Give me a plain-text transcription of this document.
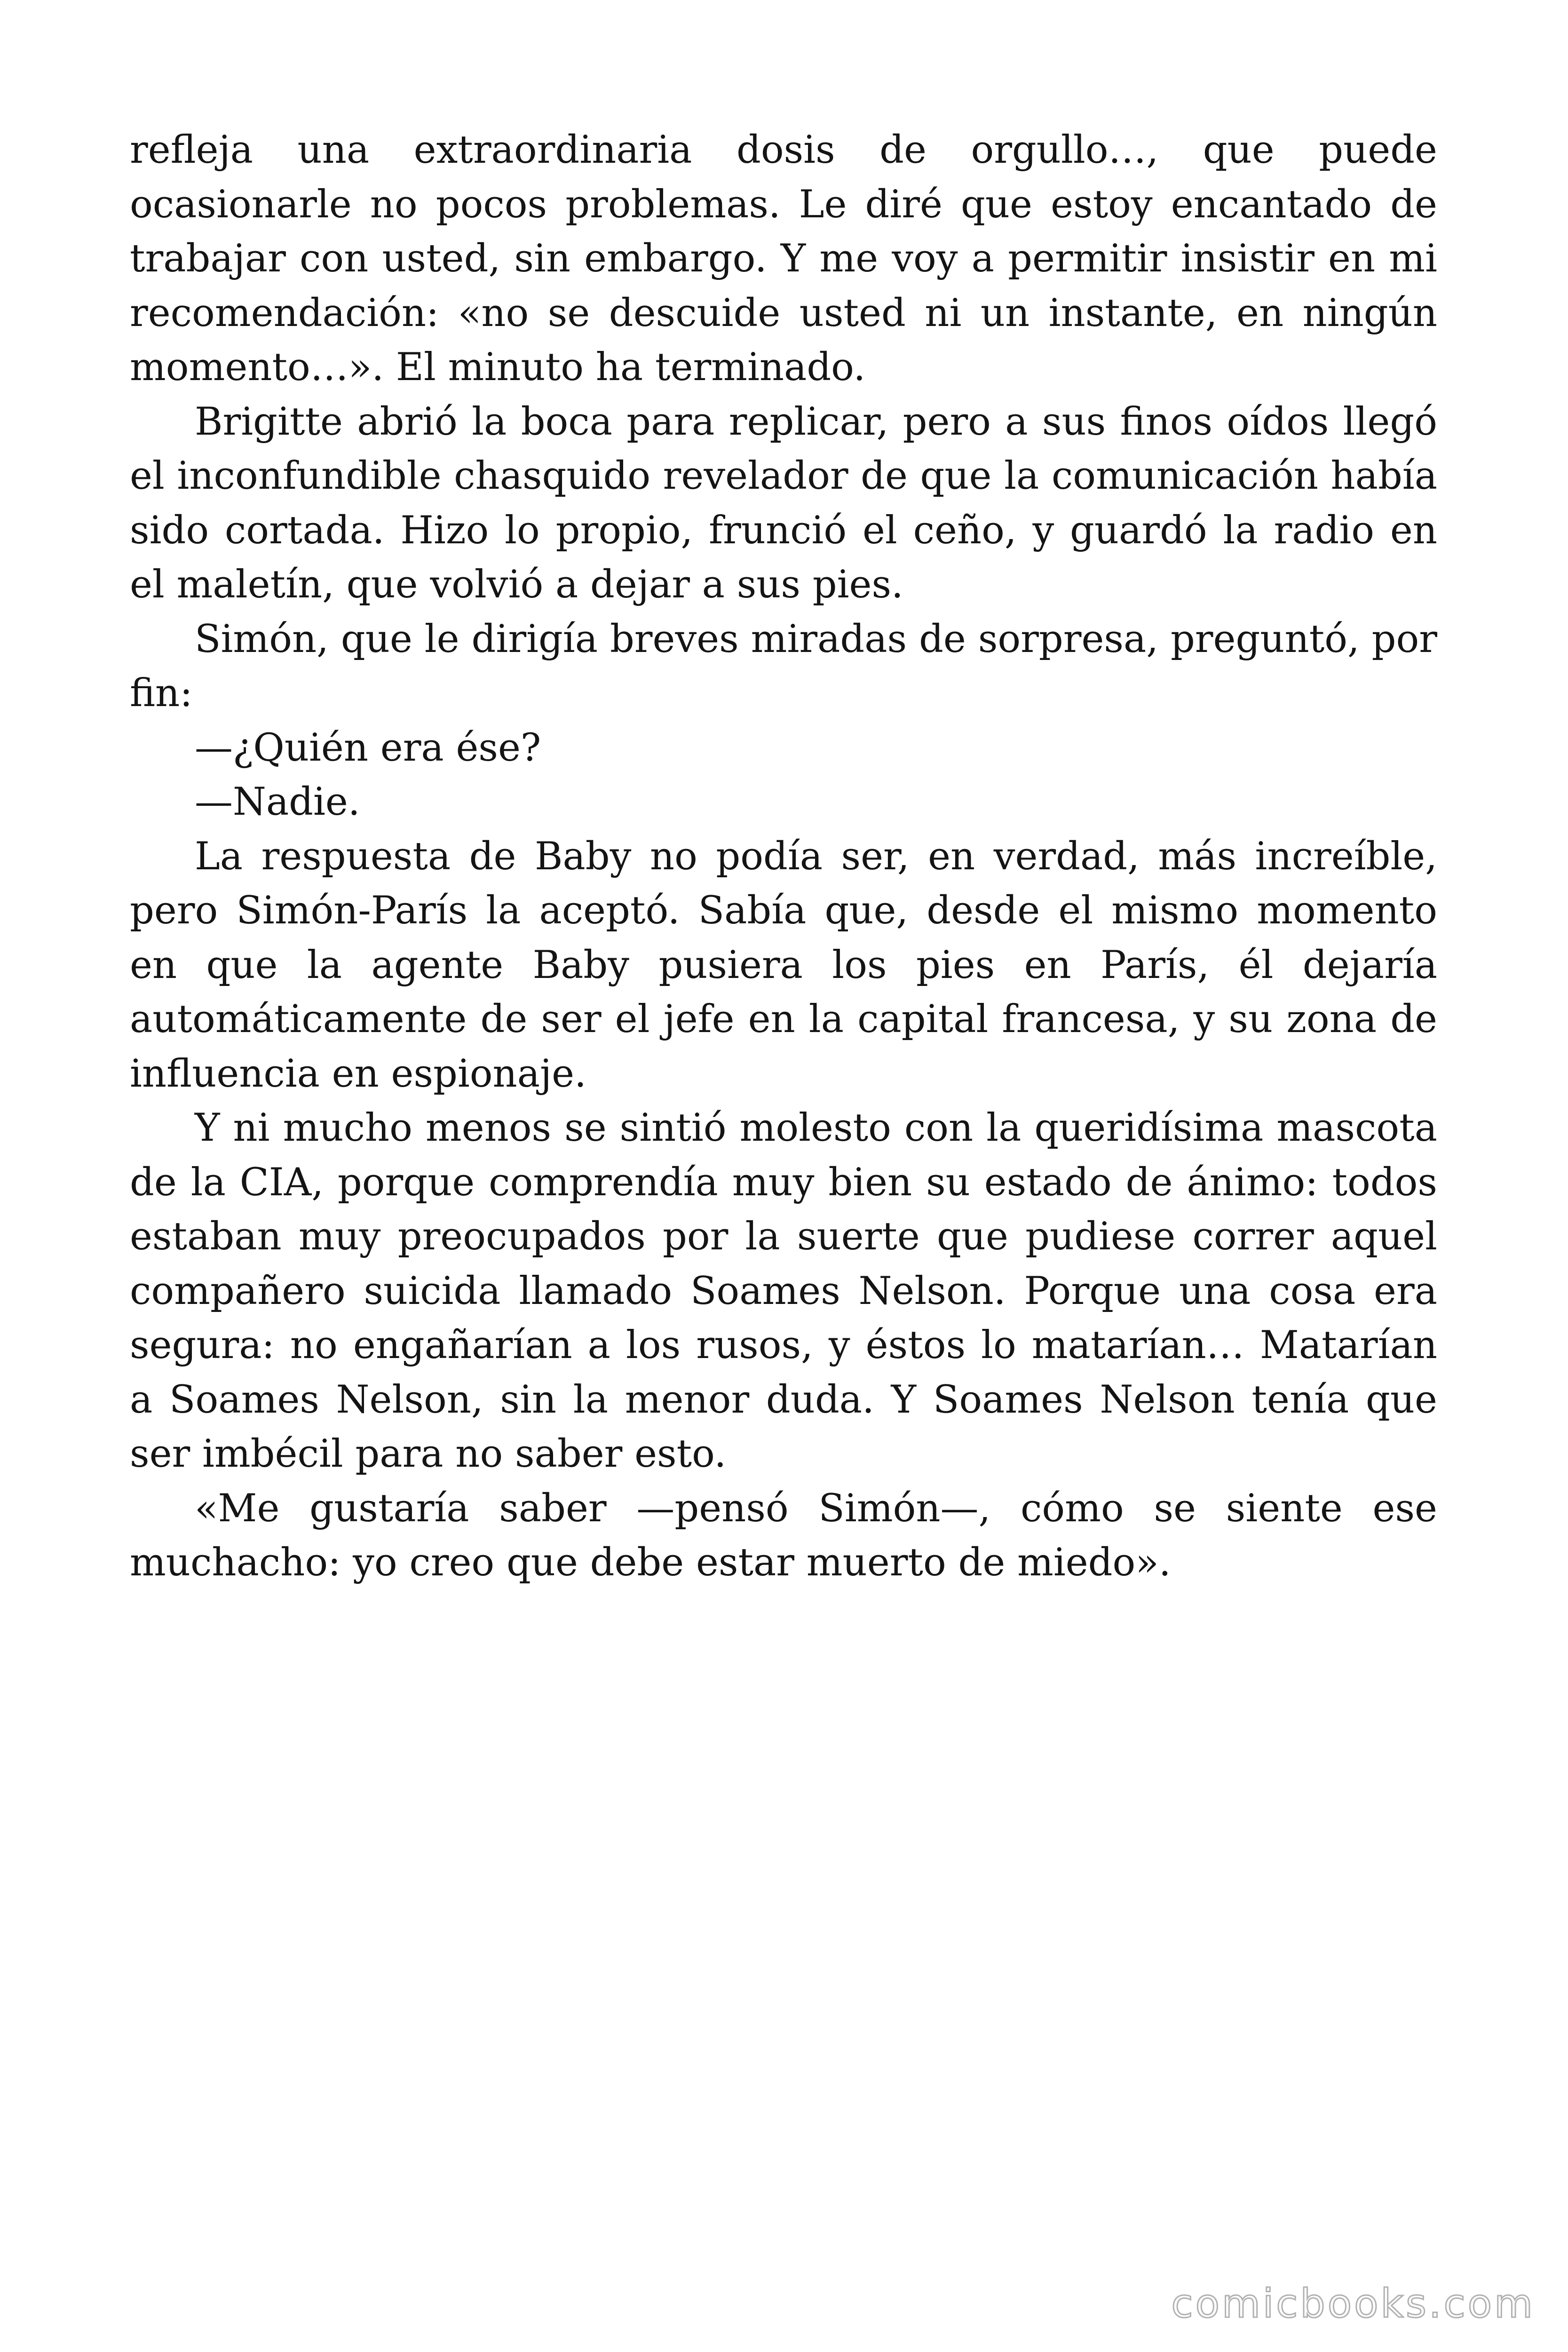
refleja una extraordinaria dosis de orgullo…, que puede ocasionarle no pocos problemas. Le diré que estoy encantado de trabajar con usted, sin embargo. Y me voy a permitir insistir en mi recomendación: «no se descuide usted ni un instante, en ningún momento…». El minuto ha terminado.

Brigitte abrió la boca para replicar, pero a sus finos oídos llegó el inconfundible chasquido revelador de que la comunicación había sido cortada. Hizo lo propio, frunció el ceño, y guardó la radio en el maletín, que volvió a dejar a sus pies.

Simón, que le dirigía breves miradas de sorpresa, preguntó, por fin:

—¿Quién era ése?

—Nadie.

La respuesta de Baby no podía ser, en verdad, más increíble, pero Simón-París la aceptó. Sabía que, desde el mismo momento en que la agente Baby pusiera los pies en París, él dejaría automáticamente de ser el jefe en la capital francesa, y su zona de influencia en espionaje.

Y ni mucho menos se sintió molesto con la queridísima mascota de la CIA, porque comprendía muy bien su estado de ánimo: todos estaban muy preocupados por la suerte que pudiese correr aquel compañero suicida llamado Soames Nelson. Porque una cosa era segura: no engañarían a los rusos, y éstos lo matarían… Matarían a Soames Nelson, sin la menor duda. Y Soames Nelson tenía que ser imbécil para no saber esto.

«Me gustaría saber —pensó Simón—, cómo se siente ese muchacho: yo creo que debe estar muerto de miedo».

comicbooks.com
